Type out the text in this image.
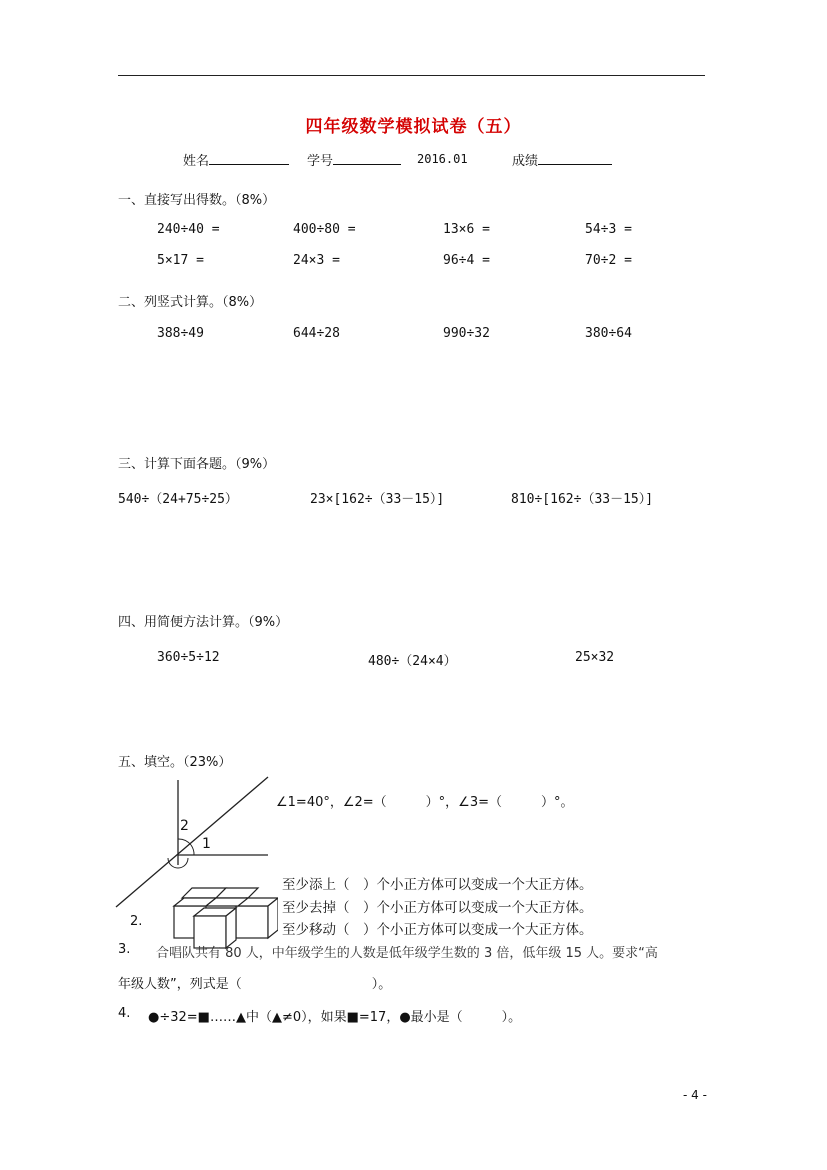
四年级数学模拟试卷（五）
姓名	学号	2016.01	成绩
一、直接写出得数。（8%）
240÷40 =	400÷80 =	13×6 =	54÷3 =
5×17 =	24×3 =	96÷4 =	70÷2 =
二、列竖式计算。（8%）
388÷49	644÷28	990÷32	380÷64
三、计算下面各题。（9%）
540÷（24+75÷25）	23×[162÷（33－15）]	810÷[162÷（33－15）]
四、用简便方法计算。（9%）
360÷5÷12	480÷（24×4）	25×32
五、填空。（23%）
2
1
∠1=40°，∠2=（　　　）°，∠3=（　　　）°。
至少添上（　）个小正方体可以变成一个大正方体。
至少去掉（　）个小正方体可以变成一个大正方体。
至少移动（　）个小正方体可以变成一个大正方体。
2.
3. 合唱队共有 80 人，中年级学生的人数是低年级学生数的 3 倍，低年级 15 人。要求“高
年级人数”，列式是（　　　　　　　　　　）。
4. ●÷32=■……▲中（▲≠0），如果■=17，●最小是（　　　）。
- 4 -
